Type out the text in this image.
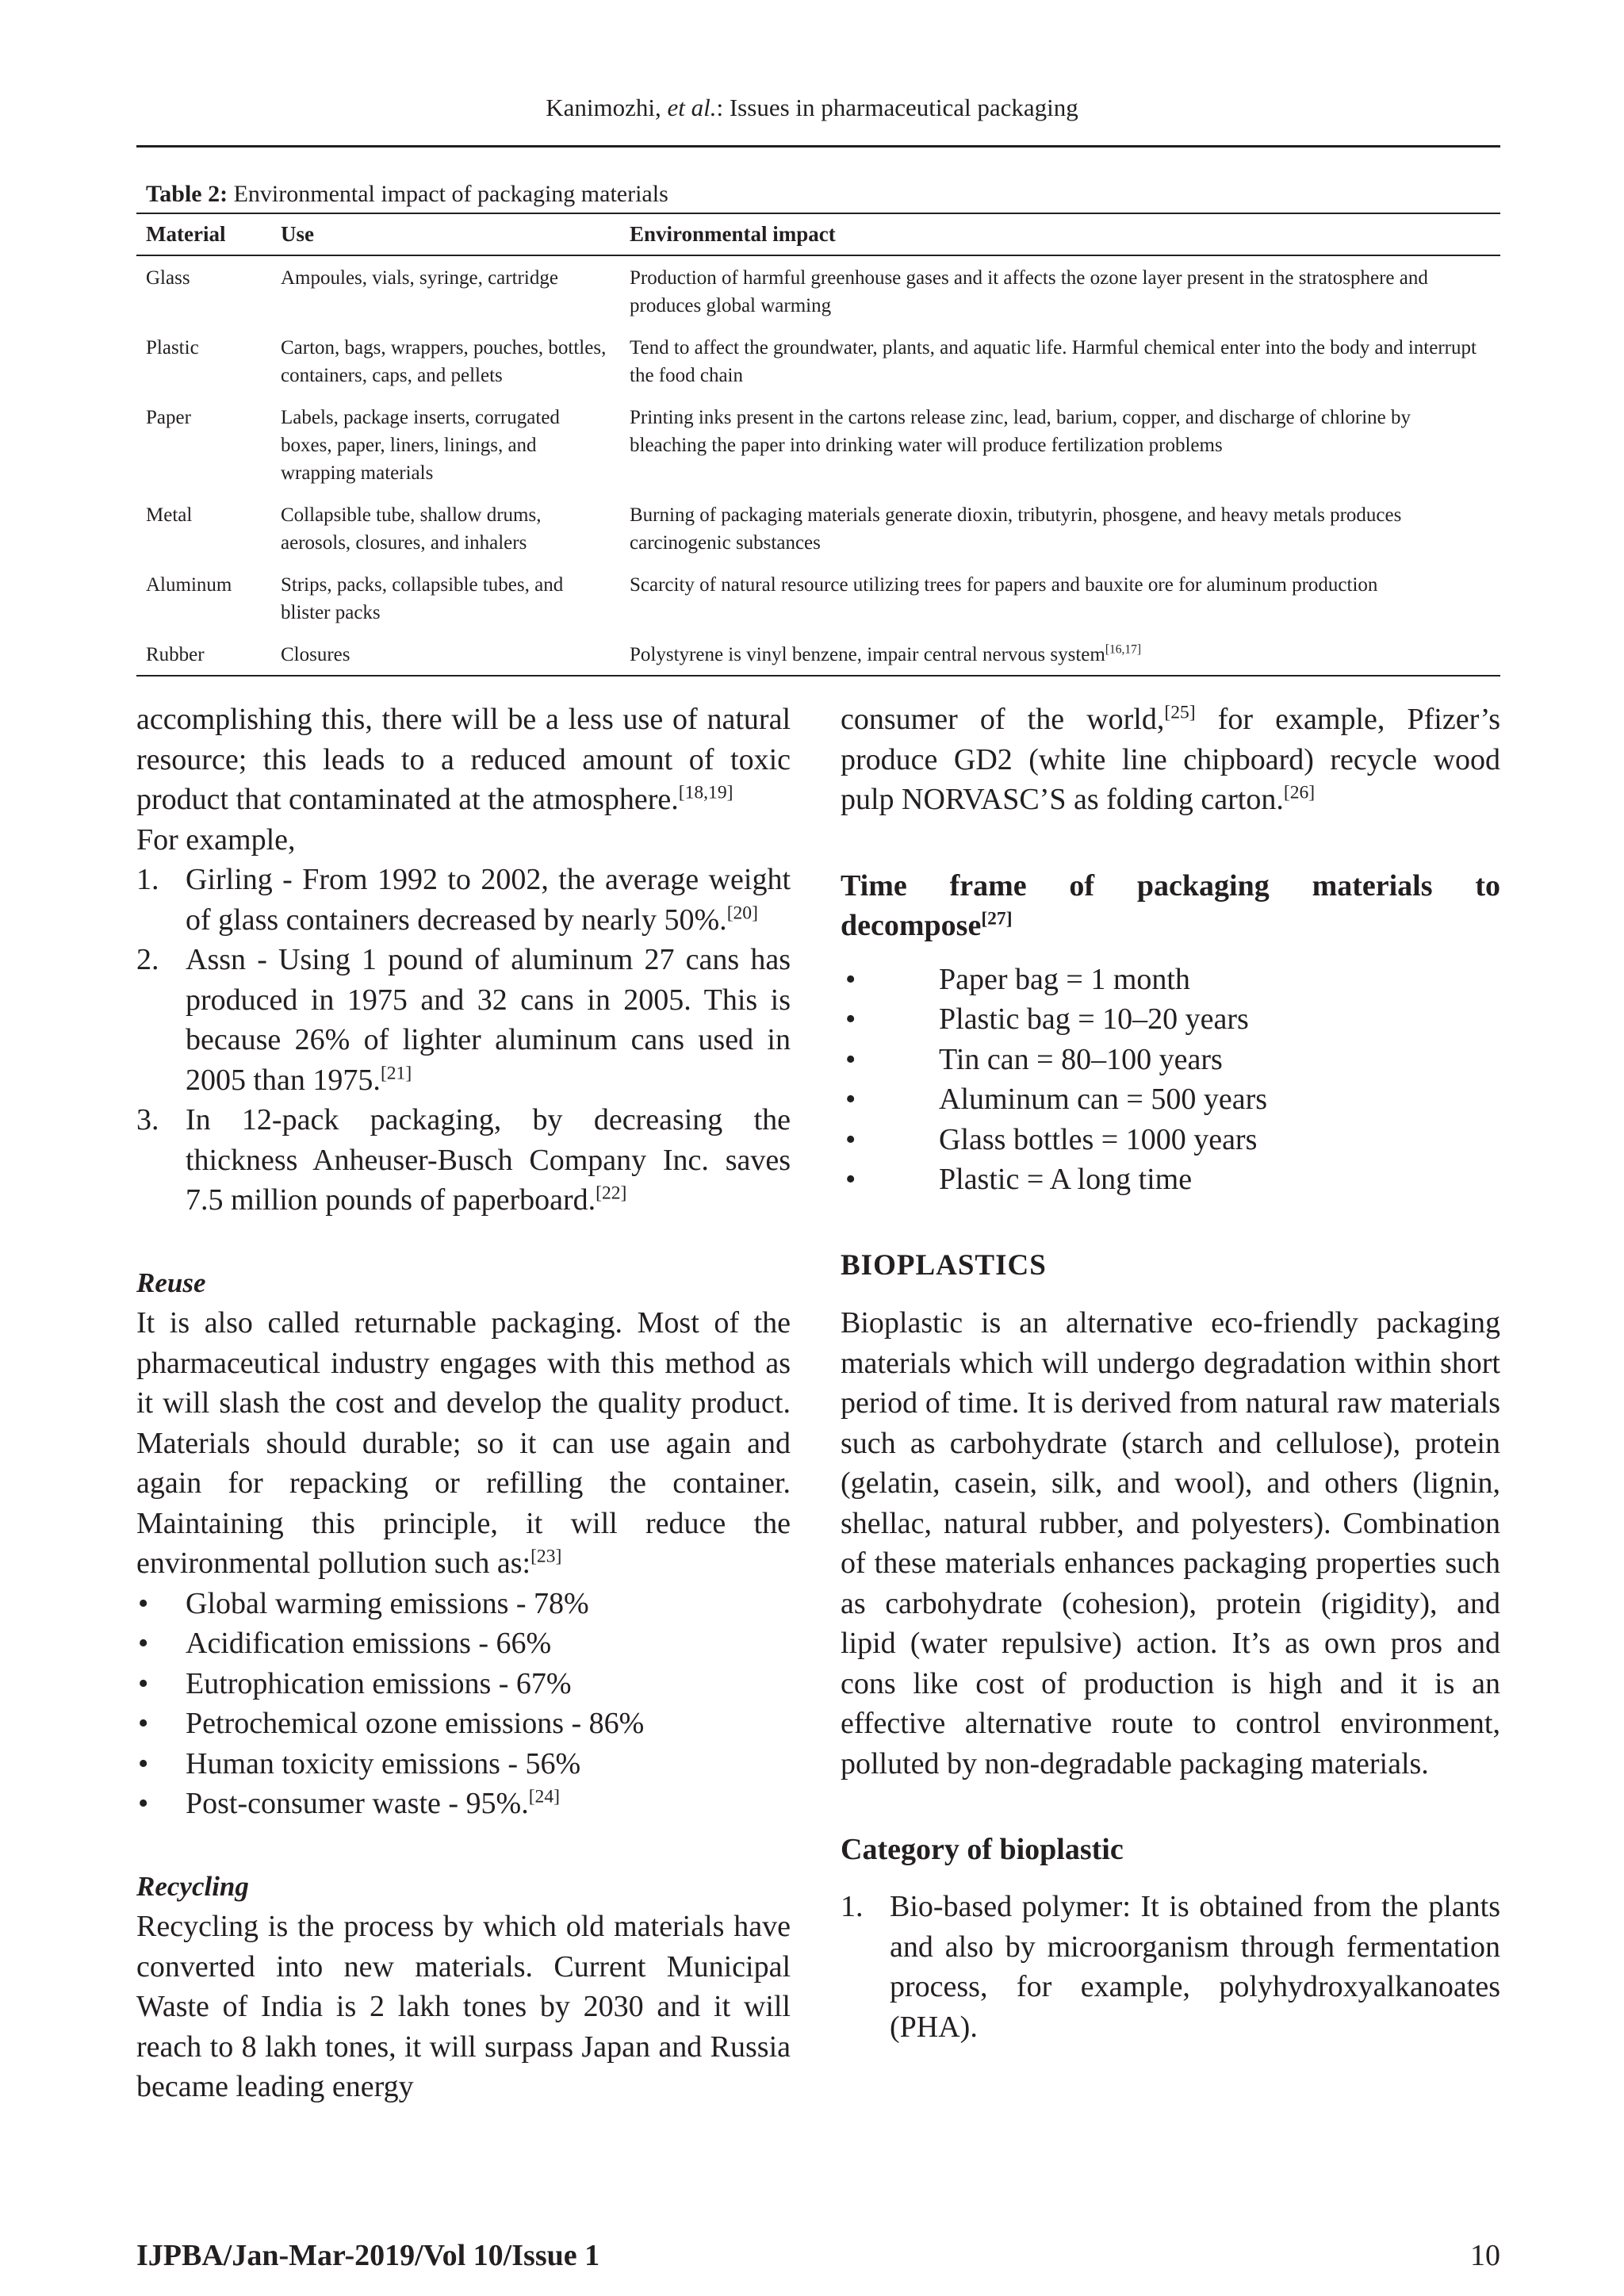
Kanimozhi, et al.: Issues in pharmaceutical packaging
Table 2: Environmental impact of packaging materials
Material	Use	Environmental impact
Glass	Ampoules, vials, syringe, cartridge	Production of harmful greenhouse gases and it affects the ozone layer present in the stratosphere and produces global warming
Plastic	Carton, bags, wrappers, pouches, bottles, containers, caps, and pellets	Tend to affect the groundwater, plants, and aquatic life. Harmful chemical enter into the body and interrupt the food chain
Paper	Labels, package inserts, corrugated boxes, paper, liners, linings, and wrapping materials	Printing inks present in the cartons release zinc, lead, barium, copper, and discharge of chlorine by bleaching the paper into drinking water will produce fertilization problems
Metal	Collapsible tube, shallow drums, aerosols, closures, and inhalers	Burning of packaging materials generate dioxin, tributyrin, phosgene, and heavy metals produces carcinogenic substances
Aluminum	Strips, packs, collapsible tubes, and blister packs	Scarcity of natural resource utilizing trees for papers and bauxite ore for aluminum production
Rubber	Closures	Polystyrene is vinyl benzene, impair central nervous system[16,17]

accomplishing this, there will be a less use of natural resource; this leads to a reduced amount of toxic product that contaminated at the atmosphere.[18,19]

For example,

1. Girling - From 1992 to 2002, the average weight of glass containers decreased by nearly 50%.[20]
2. Assn - Using 1 pound of aluminum 27 cans has produced in 1975 and 32 cans in 2005. This is because 26% of lighter aluminum cans used in 2005 than 1975.[21]
3. In 12-pack packaging, by decreasing the thickness Anheuser-Busch Company Inc. saves 7.5 million pounds of paperboard.[22]

Reuse

It is also called returnable packaging. Most of the pharmaceutical industry engages with this method as it will slash the cost and develop the quality product. Materials should durable; so it can use again and again for repacking or refilling the container. Maintaining this principle, it will reduce the environmental pollution such as:[23]

• Global warming emissions - 78%
• Acidification emissions - 66%
• Eutrophication emissions - 67%
• Petrochemical ozone emissions - 86%
• Human toxicity emissions - 56%
• Post-consumer waste - 95%.[24]

Recycling

Recycling is the process by which old materials have converted into new materials. Current Municipal Waste of India is 2 lakh tones by 2030 and it will reach to 8 lakh tones, it will surpass Japan and Russia became leading energy

consumer of the world,[25] for example, Pfizer’s produce GD2 (white line chipboard) recycle wood pulp NORVASC’S as folding carton.[26]

Time frame of packaging materials to decompose[27]

•	Paper bag = 1 month
•	Plastic bag = 10–20 years
•	Tin can = 80–100 years
•	Aluminum can = 500 years
•	Glass bottles = 1000 years
•	Plastic = A long time

BIOPLASTICS

Bioplastic is an alternative eco-friendly packaging materials which will undergo degradation within short period of time. It is derived from natural raw materials such as carbohydrate (starch and cellulose), protein (gelatin, casein, silk, and wool), and others (lignin, shellac, natural rubber, and polyesters). Combination of these materials enhances packaging properties such as carbohydrate (cohesion), protein (rigidity), and lipid (water repulsive) action. It’s as own pros and cons like cost of production is high and it is an effective alternative route to control environment, polluted by non-degradable packaging materials.

Category of bioplastic

1. Bio-based polymer: It is obtained from the plants and also by microorganism through fermentation process, for example, polyhydroxyalkanoates (PHA).
IJPBA/Jan-Mar-2019/Vol 10/Issue 1	10
